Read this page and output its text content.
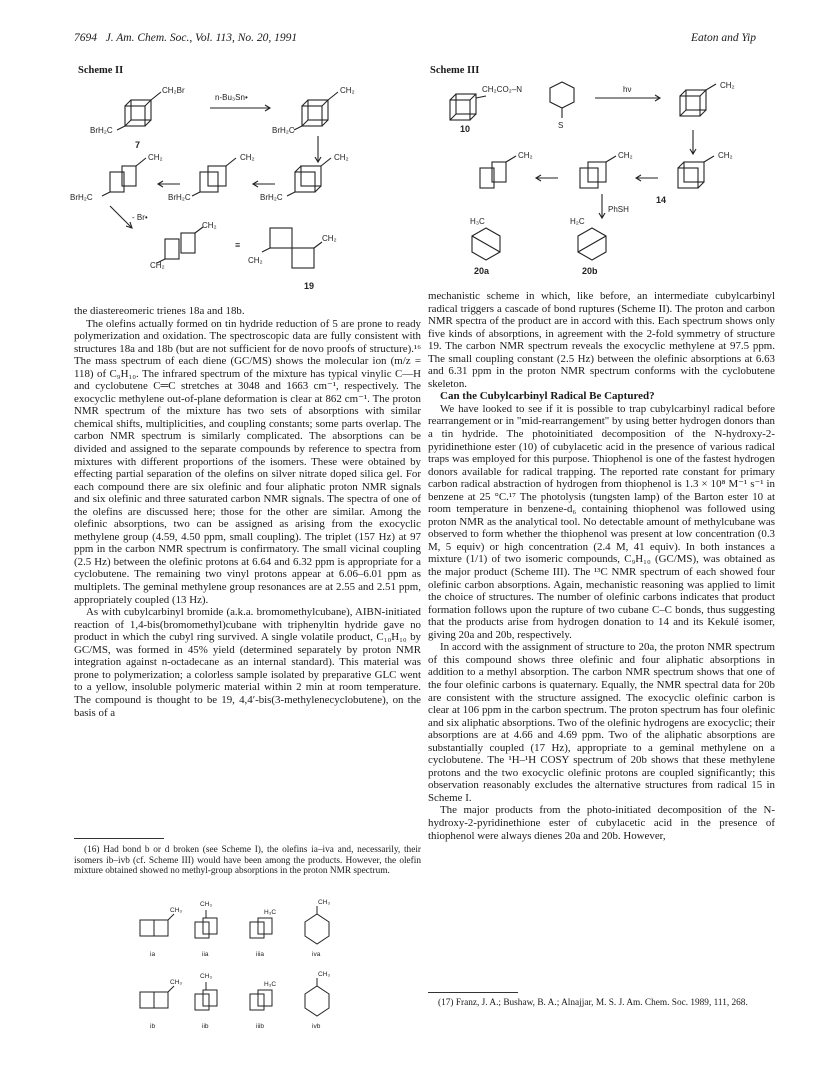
7694 J. Am. Chem. Soc., Vol. 113, No. 20, 1991	Eaton and Yip
Scheme II
CH₂Br
BrH₂C
n-Bu₃Sn•
CH₂
BrH₂C
CH₂
CH₂
CH₂
BrH₂C	BrH₂C	BrH₂C
- Br•
CH₂
CH₂
CH₂
CH₂
≡
7
19
Scheme III
CH₂CO₂–N
S
hν	CH₂
CH₂
CH₂
CH₂
PhSH
H₃C	H₂C
10
14
20a	20b

the diastereomeric trienes 18a and 18b.

The olefins actually formed on tin hydride reduction of 5 are prone to ready polymerization and oxidation. The spectroscopic data are fully consistent with structures 18a and 18b (but are not sufficient for de novo proofs of structure).¹⁶ The mass spectrum of each diene (GC/MS) shows the molecular ion (m/z = 118) of C₉H₁₀. The infrared spectrum of the mixture has typical vinylic C—H and cyclobutene C═C stretches at 3048 and 1663 cm⁻¹, respectively. The exocyclic methylene out-of-plane deformation is clear at 862 cm⁻¹. The proton NMR spectrum of the mixture has two sets of absorptions with similar chemical shifts, multiplicities, and coupling constants; some parts overlap. The carbon NMR spectrum is similarly complicated. The absorptions can be divided and assigned to the separate compounds by reference to spectra from mixtures with different proportions of the isomers. These were obtained by effecting partial separation of the olefins on silver nitrate doped silica gel. For each compound there are six olefinic and four aliphatic proton NMR signals and six olefinic and three saturated carbon NMR signals. The spectra of one of the olefins are discussed here; those for the other are similar. Among the olefinic absorptions, two can be assigned as arising from the exocyclic methylene group (4.59, 4.50 ppm, small coupling). The triplet (157 Hz) at 97 ppm in the carbon NMR spectrum is confirmatory. The small vicinal coupling (2.5 Hz) between the olefinic protons at 6.64 and 6.32 ppm is appropriate for a cyclobutene. The remaining two vinyl protons appear at 6.06–6.01 ppm as multiplets. The geminal methylene group resonances are at 2.55 and 2.51 ppm, appropriately coupled (13 Hz).

As with cubylcarbinyl bromide (a.k.a. bromomethylcubane), AIBN-initiated reaction of 1,4-bis(bromomethyl)cubane with triphenyltin hydride gave no product in which the cubyl ring survived. A single volatile product, C₁₀H₁₀ by GC/MS, was formed in 45% yield (determined separately by proton NMR integration against n-octadecane as an internal standard). This material was prone to polymerization; a colorless sample isolated by preparative GLC went to a yellow, insoluble polymeric material within 2 min at room temperature. The compound is thought to be 19, 4,4′-bis(3-methylenecyclobutene), on the basis of a

(16) Had bond b or d broken (see Scheme I), the olefins ia–iva and, necessarily, their isomers ib–ivb (cf. Scheme III) would have been among the products. However, the olefin mixture obtained showed no methyl-group absorptions in the proton NMR spectrum.

CH₃
CH₃
H₃C
CH₃
CH₃
CH₃
H₃C
CH₃
ia	iia	iiia	iva
ib	iib	iiib	ivb

mechanistic scheme in which, like before, an intermediate cubylcarbinyl radical triggers a cascade of bond ruptures (Scheme II). The proton and carbon NMR spectra of the product are in accord with this. Each spectrum shows only five kinds of absorptions, in agreement with the 2-fold symmetry of structure 19. The carbon NMR spectrum reveals the exocyclic methylene at 97.5 ppm. The small coupling constant (2.5 Hz) between the olefinic absorptions at 6.63 and 6.31 ppm in the proton NMR spectrum conforms with the cyclobutene skeleton.

Can the Cubylcarbinyl Radical Be Captured?

We have looked to see if it is possible to trap cubylcarbinyl radical before rearrangement or in "mid-rearrangement" by using better hydrogen donors than a tin hydride. The photoinitiated decomposition of the N-hydroxy-2-pyridinethione ester (10) of cubylacetic acid in the presence of various radical traps was employed for this purpose. Thiophenol is one of the fastest hydrogen donors available for radical trapping. The reported rate constant for primary carbon radical abstraction of hydrogen from thiophenol is 1.3 × 10⁸ M⁻¹ s⁻¹ in benzene at 25 °C.¹⁷ The photolysis (tungsten lamp) of the Barton ester 10 at room temperature in benzene-d₆ containing thiophenol was followed using proton NMR as the analytical tool. No detectable amount of methylcubane was observed to form whether the thiophenol was present at low concentration (0.3 M, 5 equiv) or high concentration (2.4 M, 41 equiv). In both instances a mixture (1/1) of two isomeric compounds, C₉H₁₀ (GC/MS), was obtained as the major product (Scheme III). The ¹³C NMR spectrum of each showed four olefinic carbon absorptions. Again, mechanistic reasoning was applied to limit the choice of structures. The number of olefinic carbons indicates that product formation follows upon the rupture of two cubane C–C bonds, thus suggesting that the products arise from hydrogen donation to 14 and its Kekulé isomer, giving 20a and 20b, respectively.

In accord with the assignment of structure to 20a, the proton NMR spectrum of this compound shows three olefinic and four aliphatic absorptions in addition to a methyl absorption. The carbon NMR spectrum shows that one of the four olefinic carbons is quaternary. Equally, the NMR spectral data for 20b are consistent with the structure assigned. The exocyclic olefinic carbon is clear at 106 ppm in the carbon spectrum. The proton spectrum has four olefinic and six aliphatic absorptions. Two of the olefinic hydrogens are exocyclic; their absorptions are at 4.66 and 4.69 ppm. Two of the aliphatic absorptions are substantially coupled (17 Hz), appropriate to a geminal methylene on a cyclobutene. The ¹H–¹H COSY spectrum of 20b shows that these methylene protons and the two exocyclic olefinic protons are coupled significantly; this observation reasonably excludes the alternative structures from radical 15 in Scheme I.

The major products from the photo-initiated decomposition of the N-hydroxy-2-pyridinethione ester of cubylacetic acid in the presence of thiophenol were always dienes 20a and 20b. However,

(17) Franz, J. A.; Bushaw, B. A.; Alnajjar, M. S. J. Am. Chem. Soc. 1989, 111, 268.
